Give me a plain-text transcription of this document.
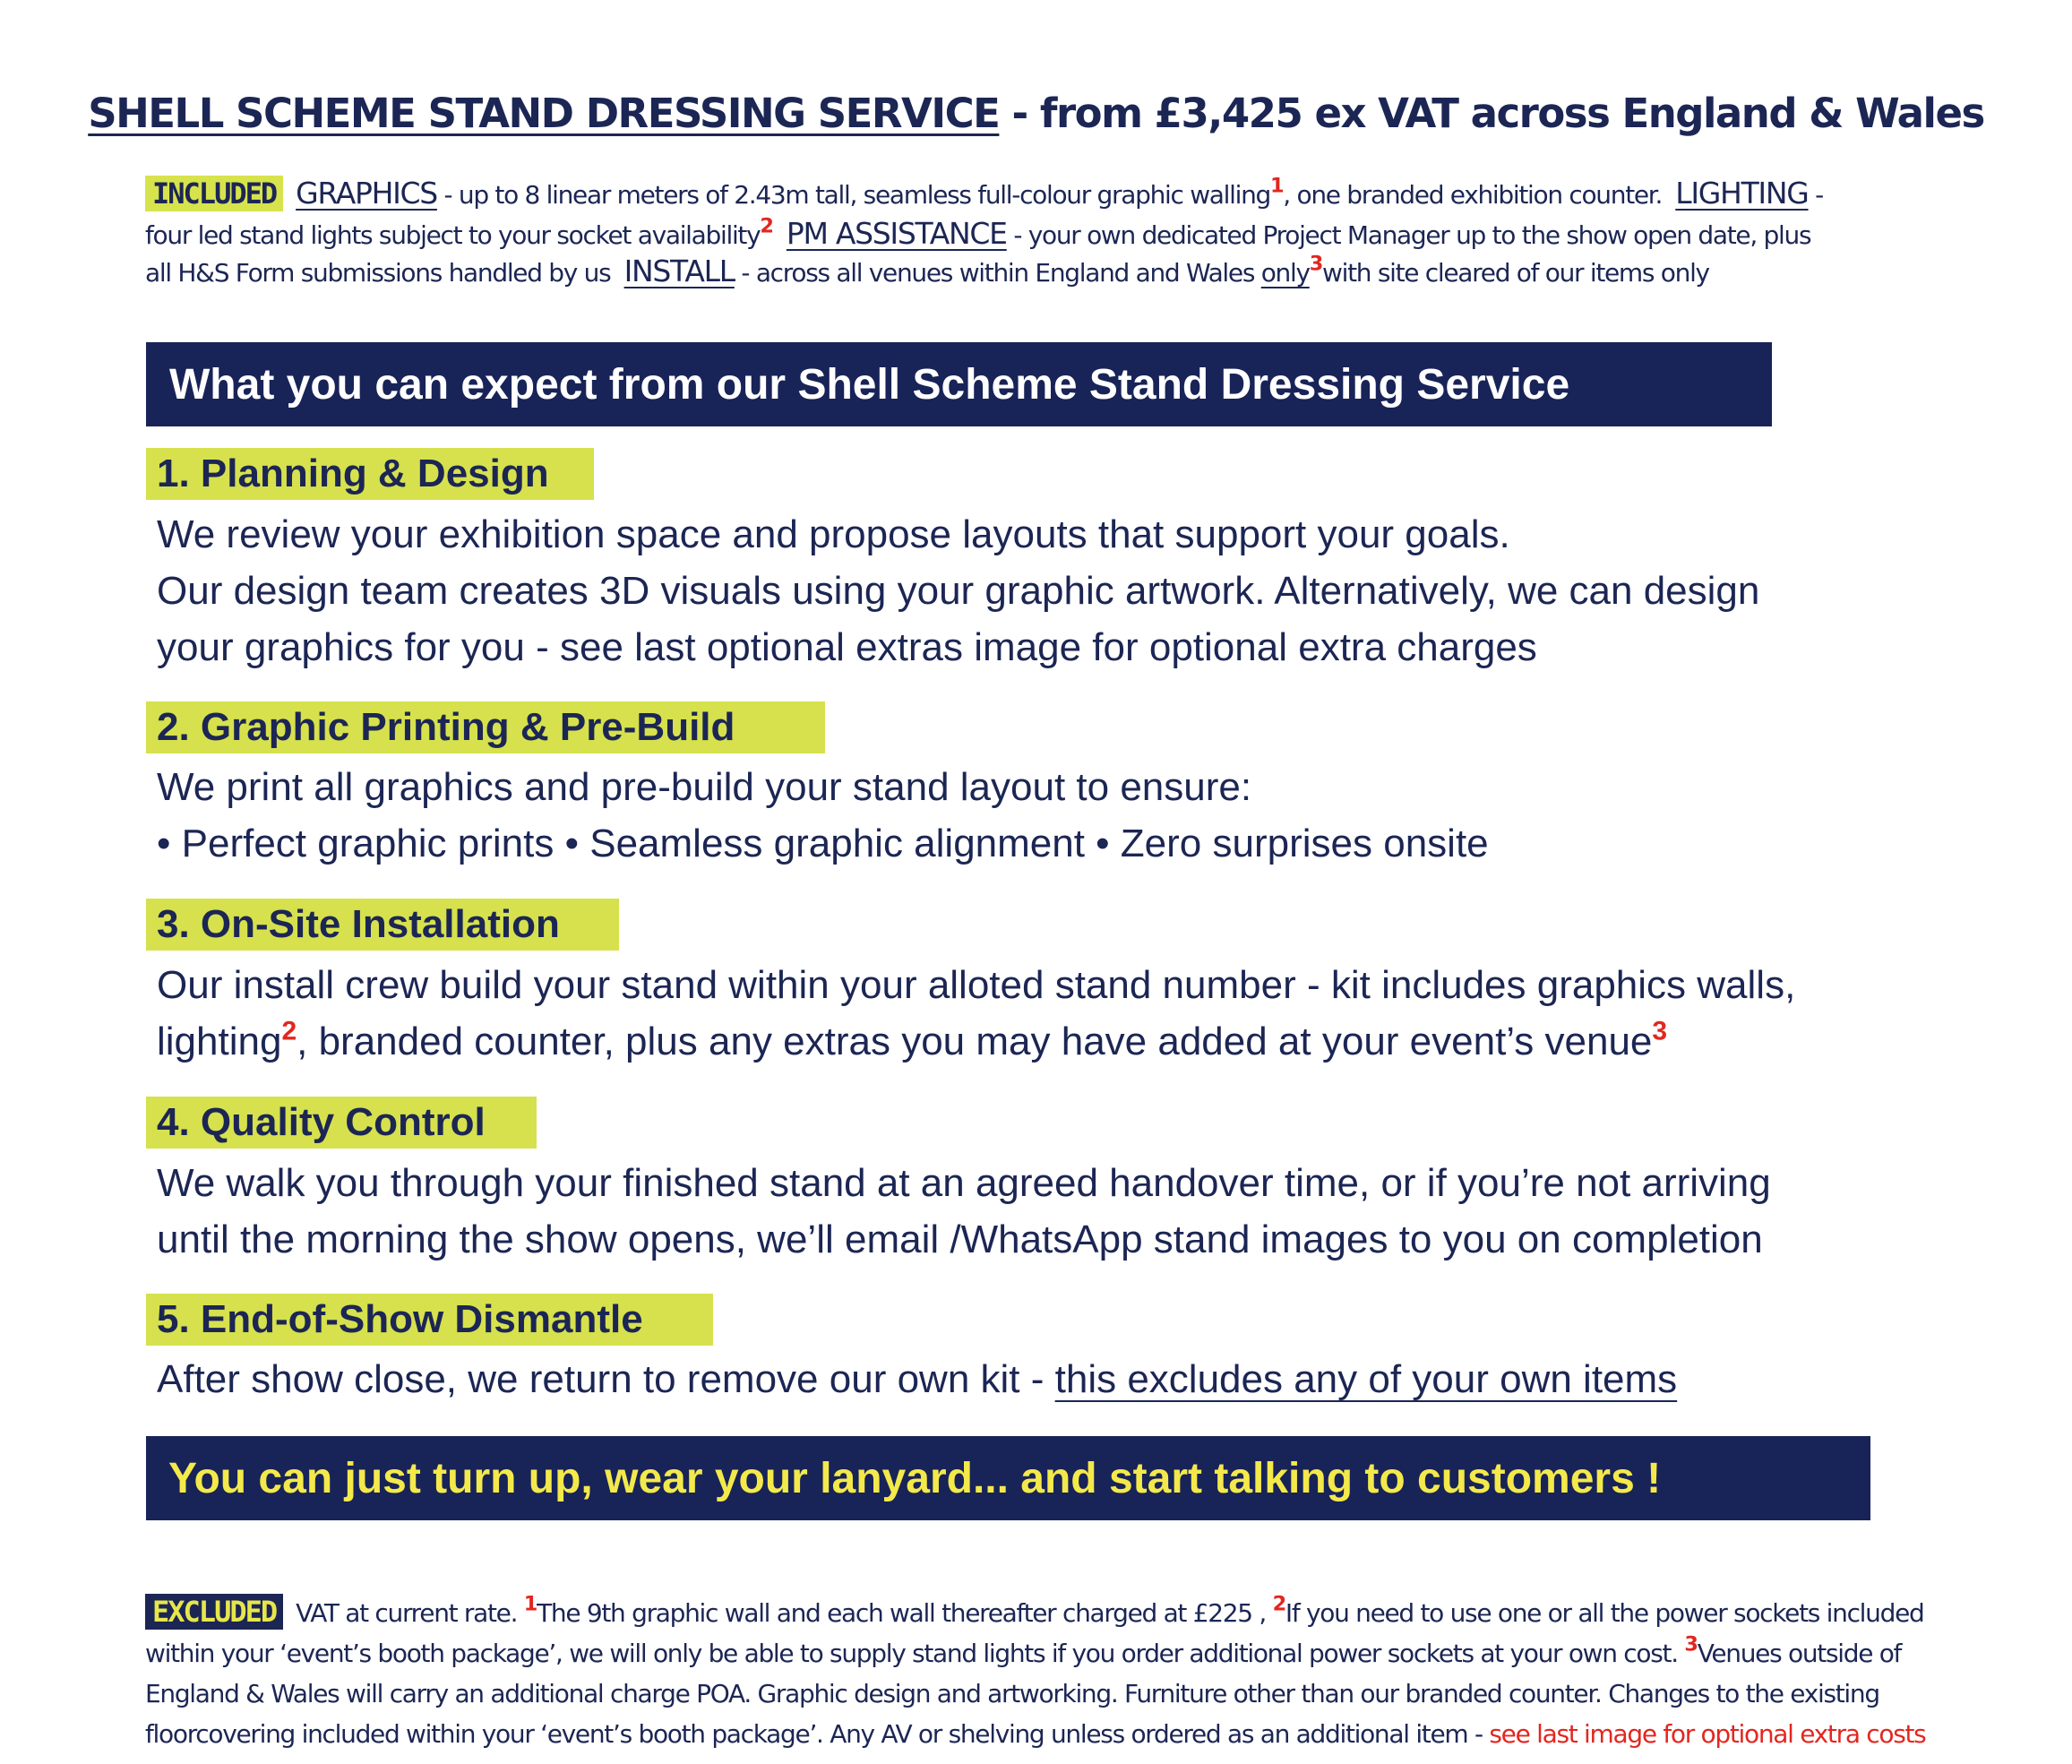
SHELL SCHEME STAND DRESSING SERVICE - from £3,425 ex VAT across England & Wales
INCLUDED GRAPHICS - up to 8 linear meters of 2.43m tall, seamless full-colour graphic walling$^1$, one branded exhibition counter. LIGHTING -
four led stand lights subject to your socket availability$^2$ PM ASSISTANCE - your own dedicated Project Manager up to the show open date, plus
all H&S Form submissions handled by us INSTALL - across all venues within England and Wales only$^3$with site cleared of our items only
What you can expect from our Shell Scheme Stand Dressing Service
1. Planning & Design
We review your exhibition space and propose layouts that support your goals.
Our design team creates 3D visuals using your graphic artwork. Alternatively, we can design
your graphics for you - see last optional extras image for optional extra charges
2. Graphic Printing & Pre-Build
We print all graphics and pre-build your stand layout to ensure:
• Perfect graphic prints • Seamless graphic alignment • Zero surprises onsite
3. On-Site Installation
Our install crew build your stand within your alloted stand number - kit includes graphics walls,
lighting$^2$, branded counter, plus any extras you may have added at your event’s venue$^3$
4. Quality Control
We walk you through your finished stand at an agreed handover time, or if you’re not arriving
until the morning the show opens, we’ll email /WhatsApp stand images to you on completion
5. End-of-Show Dismantle
After show close, we return to remove our own kit - this excludes any of your own items
You can just turn up, wear your lanyard... and start talking to customers !
EXCLUDED VAT at current rate. $^1$The 9th graphic wall and each wall thereafter charged at £225 , $^2$If you need to use one or all the power sockets included
within your ‘event’s booth package’, we will only be able to supply stand lights if you order additional power sockets at your own cost. $^3$Venues outside of
England & Wales will carry an additional charge POA. Graphic design and artworking. Furniture other than our branded counter. Changes to the existing
floorcovering included within your ‘event’s booth package’. Any AV or shelving unless ordered as an additional item - see last image for optional extra costs
